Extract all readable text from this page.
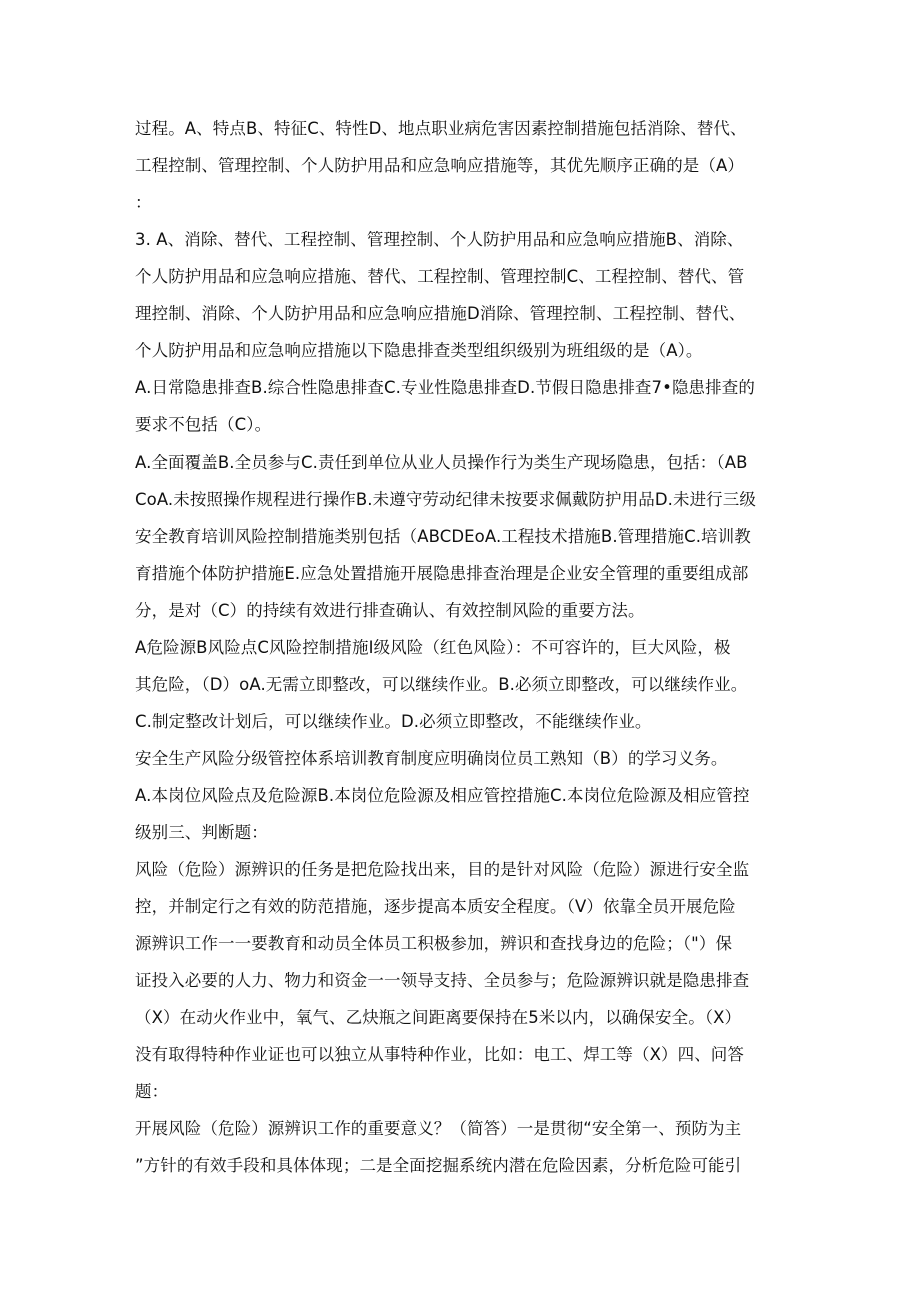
过程。A、特点B、特征C、特性D、地点职业病危害因素控制措施包括消除、替代、
工程控制、管理控制、个人防护用品和应急响应措施等，其优先顺序正确的是（A）
：
3. A、消除、替代、工程控制、管理控制、个人防护用品和应急响应措施B、消除、
个人防护用品和应急响应措施、替代、工程控制、管理控制C、工程控制、替代、管
理控制、消除、个人防护用品和应急响应措施D消除、管理控制、工程控制、替代、
个人防护用品和应急响应措施以下隐患排查类型组织级别为班组级的是（A）。
A.日常隐患排查B.综合性隐患排查C.专业性隐患排查D.节假日隐患排查7•隐患排查的
要求不包括（C）。
A.全面覆盖B.全员参与C.责任到单位从业人员操作行为类生产现场隐患，包括：（AB
CoA.未按照操作规程进行操作B.未遵守劳动纪律未按要求佩戴防护用品D.未进行三级
安全教育培训风险控制措施类别包括（ABCDEoA.工程技术措施B.管理措施C.培训教
育措施个体防护措施E.应急处置措施开展隐患排查治理是企业安全管理的重要组成部
分，是对（C）的持续有效进行排查确认、有效控制风险的重要方法。
A危险源B风险点C风险控制措施I级风险（红色风险）：不可容许的，巨大风险，极
其危险，（D）oA.无需立即整改，可以继续作业。B.必须立即整改，可以继续作业。
C.制定整改计划后，可以继续作业。D.必须立即整改，不能继续作业。
安全生产风险分级管控体系培训教育制度应明确岗位员工熟知（B）的学习义务。
A.本岗位风险点及危险源B.本岗位危险源及相应管控措施C.本岗位危险源及相应管控
级别三、判断题：
风险（危险）源辨识的任务是把危险找出来，目的是针对风险（危险）源进行安全监
控，并制定行之有效的防范措施，逐步提高本质安全程度。（V）依靠全员开展危险
源辨识工作一一要教育和动员全体员工积极参加，辨识和查找身边的危险；（"）保
证投入必要的人力、物力和资金一一领导支持、全员参与；危险源辨识就是隐患排查
（X）在动火作业中，氧气、乙炔瓶之间距离要保持在5米以内，以确保安全。（X）
没有取得特种作业证也可以独立从事特种作业，比如：电工、焊工等（X）四、问答
题：
开展风险（危险）源辨识工作的重要意义？（简答）一是贯彻“安全第一、预防为主
”方针的有效手段和具体体现；二是全面挖掘系统内潜在危险因素，分析危险可能引
